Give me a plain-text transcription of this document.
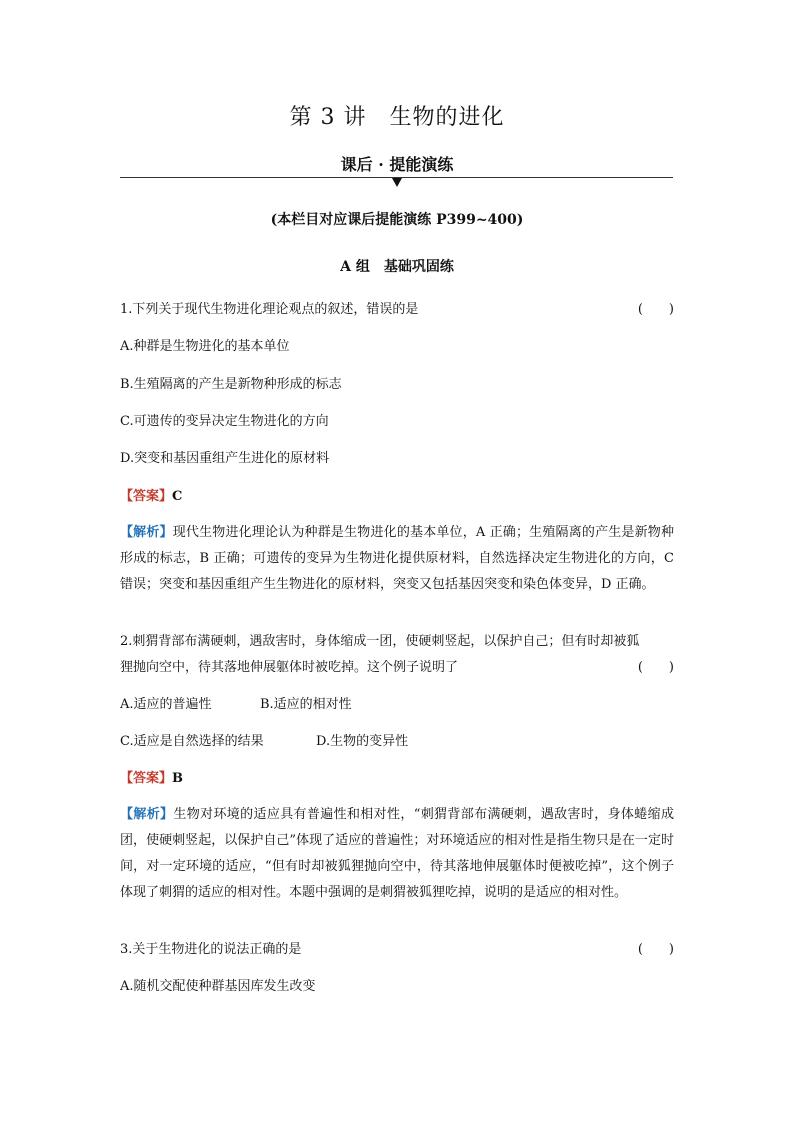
第 3 讲　生物的进化
课后 · 提能演练
(本栏目对应课后提能演练 P399~400)
A 组　基础巩固练
1.下列关于现代生物进化理论观点的叙述，错误的是	(　　)
A.种群是生物进化的基本单位
B.生殖隔离的产生是新物种形成的标志
C.可遗传的变异决定生物进化的方向
D.突变和基因重组产生进化的原材料
【答案】C
【解析】现代生物进化理论认为种群是生物进化的基本单位，A 正确；生殖隔离的产生是新物种形成的标志，B 正确；可遗传的变异为生物进化提供原材料，自然选择决定生物进化的方向，C 错误；突变和基因重组产生生物进化的原材料，突变又包括基因突变和染色体变异，D 正确。
2.刺猬背部布满硬刺，遇敌害时，身体缩成一团，使硬刺竖起，以保护自己；但有时却被狐
狸抛向空中，待其落地伸展躯体时被吃掉。这个例子说明了	(　　)
A.适应的普遍性	B.适应的相对性
C.适应是自然选择的结果	D.生物的变异性
【答案】B
【解析】生物对环境的适应具有普遍性和相对性，“刺猬背部布满硬刺，遇敌害时，身体蜷缩成团，使硬刺竖起，以保护自己”体现了适应的普遍性；对环境适应的相对性是指生物只是在一定时间，对一定环境的适应，“但有时却被狐狸抛向空中，待其落地伸展躯体时便被吃掉”，这个例子体现了刺猬的适应的相对性。本题中强调的是刺猬被狐狸吃掉，说明的是适应的相对性。
3.关于生物进化的说法正确的是	(　　)
A.随机交配使种群基因库发生改变
